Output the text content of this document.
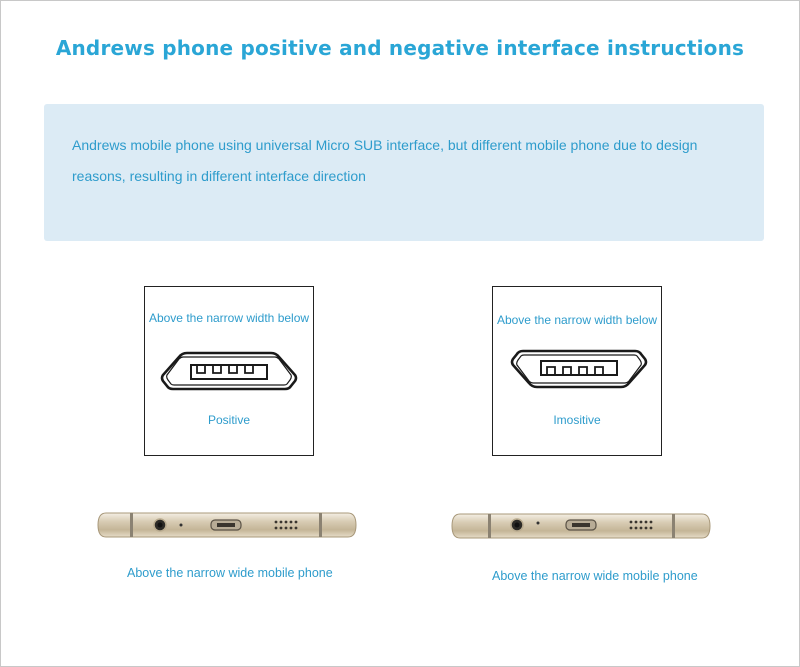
Andrews phone positive and negative interface instructions
Andrews mobile phone using universal Micro SUB interface, but different mobile phone due to design reasons, resulting in different interface direction
Above the narrow width below
Positive
Above the narrow width below
Imositive
Above the narrow wide mobile phone	Above the narrow wide mobile phone
